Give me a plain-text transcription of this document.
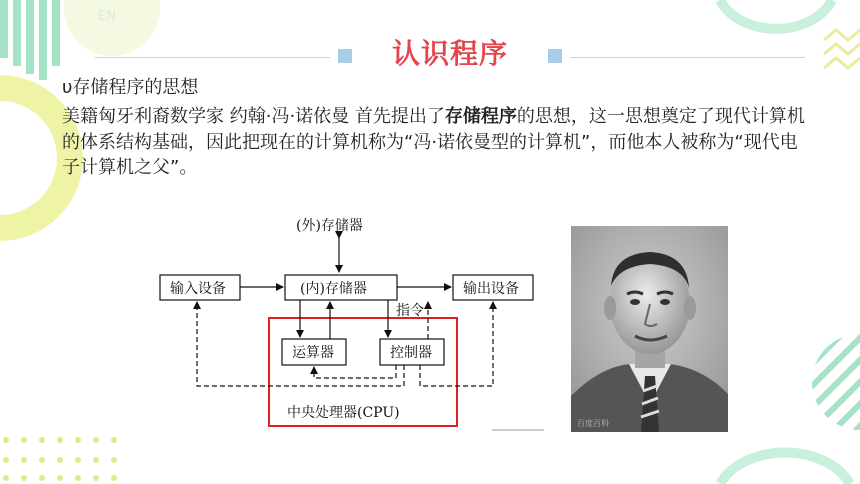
EN
认识程序
υ存储程序的思想
美籍匈牙利裔数学家 约翰·冯·诺依曼 首先提出了存储程序的思想，这一思想奠定了现代计算机的体系结构基础，因此把现在的计算机称为“冯·诺依曼型的计算机”，而他本人被称为“现代电子计算机之父”。
(外)存储器
输入设备	(内)存储器	输出设备
中央处理器(CPU)
运算器	控制器
指令
百度百科
